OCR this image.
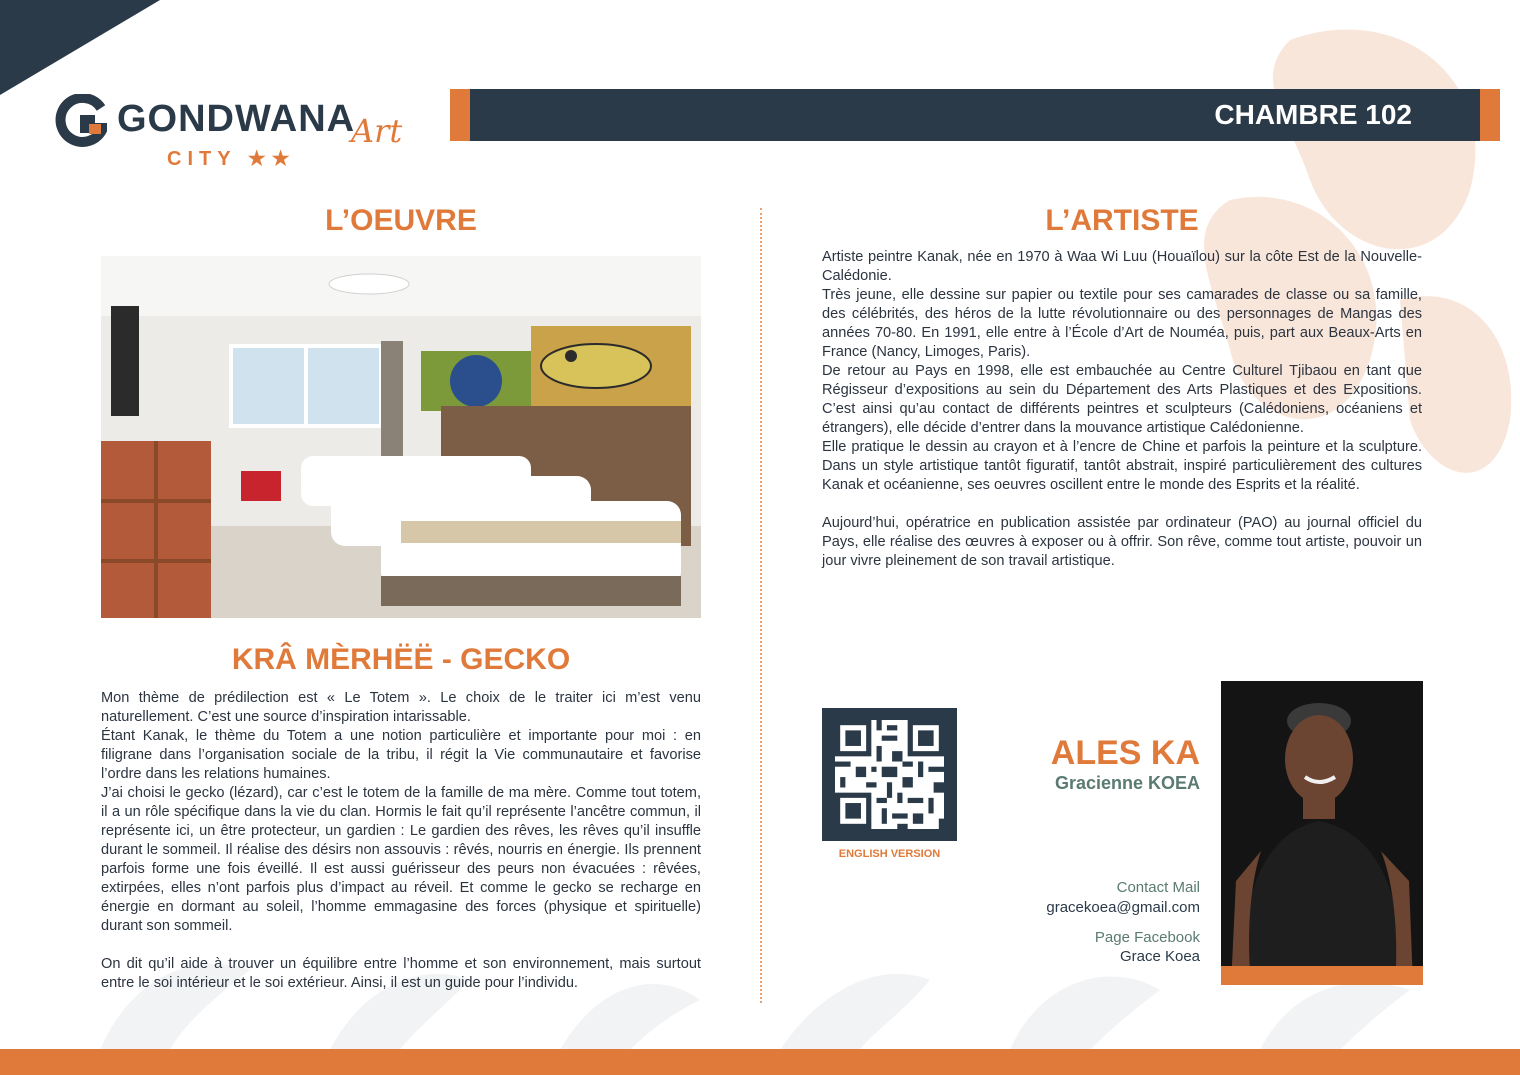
GONDWANA
Art
CITY ★★
CHAMBRE 102
L’OEUVRE
KRÂ MÈRHËË - GECKO

Mon thème de prédilection est « Le Totem ». Le choix de le traiter ici m’est venu naturellement. C’est une source d’inspiration intarissable.

Étant Kanak, le thème du Totem a une notion particulière et importante pour moi : en filigrane dans l’organisation sociale de la tribu, il régit la Vie communautaire et favorise l’ordre dans les relations humaines.

J’ai choisi le gecko (lézard), car c’est le totem de la famille de ma mère. Comme tout totem, il a un rôle spécifique dans la vie du clan. Hormis le fait qu’il représente l’ancêtre commun, il représente ici, un être protecteur, un gardien : Le gardien des rêves, les rêves qu’il insuffle durant le sommeil. Il réalise des désirs non assouvis : rêvés, nourris en énergie. Ils prennent parfois forme une fois éveillé. Il est aussi guérisseur des peurs non évacuées : rêvées, extirpées, elles n’ont parfois plus d’impact au réveil. Et comme le gecko se recharge en énergie en dormant au soleil, l’homme emmagasine des forces (physique et spirituelle) durant son sommeil.

On dit qu’il aide à trouver un équilibre entre l’homme et son environnement, mais surtout entre le soi intérieur et le soi extérieur. Ainsi, il est un guide pour l’individu.

L’ARTISTE

Artiste peintre Kanak, née en 1970 à Waa Wi Luu (Houaïlou) sur la côte Est de la Nouvelle-Calédonie.

Très jeune, elle dessine sur papier ou textile pour ses camarades de classe ou sa famille, des célébrités, des héros de la lutte révolutionnaire ou des personnages de Mangas des années 70-80. En 1991, elle entre à l’École d’Art de Nouméa, puis, part aux Beaux-Arts en France (Nancy, Limoges, Paris).

De retour au Pays en 1998, elle est embauchée au Centre Culturel Tjibaou en tant que Régisseur d’expositions au sein du Département des Arts Plastiques et des Expositions. C’est ainsi qu’au contact de différents peintres et sculpteurs (Calédoniens, océaniens et étrangers), elle décide d’entrer dans la mouvance artistique Calédonienne.

Elle pratique le dessin au crayon et à l’encre de Chine et parfois la peinture et la sculpture. Dans un style artistique tantôt figuratif, tantôt abstrait, inspiré particulièrement des cultures Kanak et océanienne, ses oeuvres oscillent entre le monde des Esprits et la réalité.

Aujourd’hui, opératrice en publication assistée par ordinateur (PAO) au journal officiel du Pays, elle réalise des œuvres à exposer ou à offrir. Son rêve, comme tout artiste, pouvoir un jour vivre pleinement de son travail artistique.

ENGLISH VERSION
ALES KA
Gracienne KOEA
Contact Mail
gracekoea@gmail.com
Page Facebook
Grace Koea
